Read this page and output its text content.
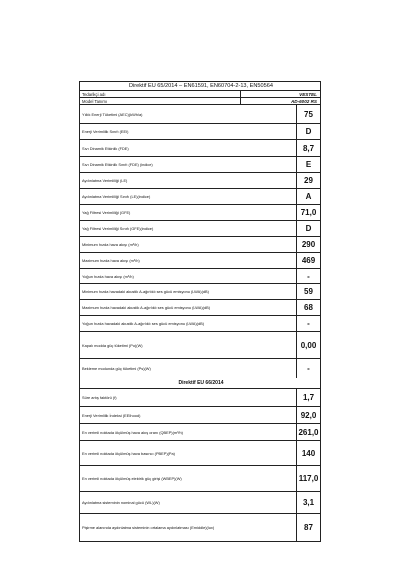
Direktif EU 65/2014 – EN61591, EN60704-2-13, EN50564
Tedarikçi adı	VESTEL
Model Tanımı	AD-6002 RS
Yıllık Enerji Tüketimi (AEC)(kWh/a)	75
Enerji Verimlilik Sınıfı (EEI)	D
Sıvı Dinamik Etkinlik (FDE)	8,7
Sıvı Dinamik Etkinlik Sınıfı (FDE) (indice)	E
Aydınlatma Verimliliği (LE)	29
Aydınlatma Verimliliği Sınıfı (LE)(indice)	A
Yağ Filtresi Verimliliği (GFE)	71,0
Yağ Filtresi Verimliliği Sınıfı (GFE)(indice)	D
Minimum hızda hava akışı (m³/h)	290
Maximum hızda hava akışı (m³/h)	469
Yoğun hızda hava akışı (m³/h)	-
Minimum hızda havadaki akustik A-ağırlıklı ses gücü emisyonu (LWA)(dB)	59
Maximum hızda havadaki akustik A-ağırlıklı ses gücü emisyonu (LWA)(dB)	68
Yoğun hızda havadaki akustik A-ağırlıklı ses gücü emisyonu (LWA)(dB)	-
Kapalı modda güç tüketimi (Po)(W)	0,00
Bekleme modunda güç tüketimi (Ps)(W)	-
Direktif EU 66/2014
Süre artış faktörü (f)	1,7
Enerji Verimlilik İndeksi (EEIhood)	92,0
En verimli noktada ölçülmüş hava akış oranı (QBEP)(m³/h)	261,0
En verimli noktada ölçülmüş hava basıncı (PBEP)(Pa)	140
En verimli noktada ölçülmüş elektrik güç girişi (WBEP)(W)	117,0
Aydınlatma sisteminin nominal gücü (WL)(W)	3,1
Pişirme alanında aydınlatma sisteminin ortalama aydınlatması (Emiddle)(lux)	87
